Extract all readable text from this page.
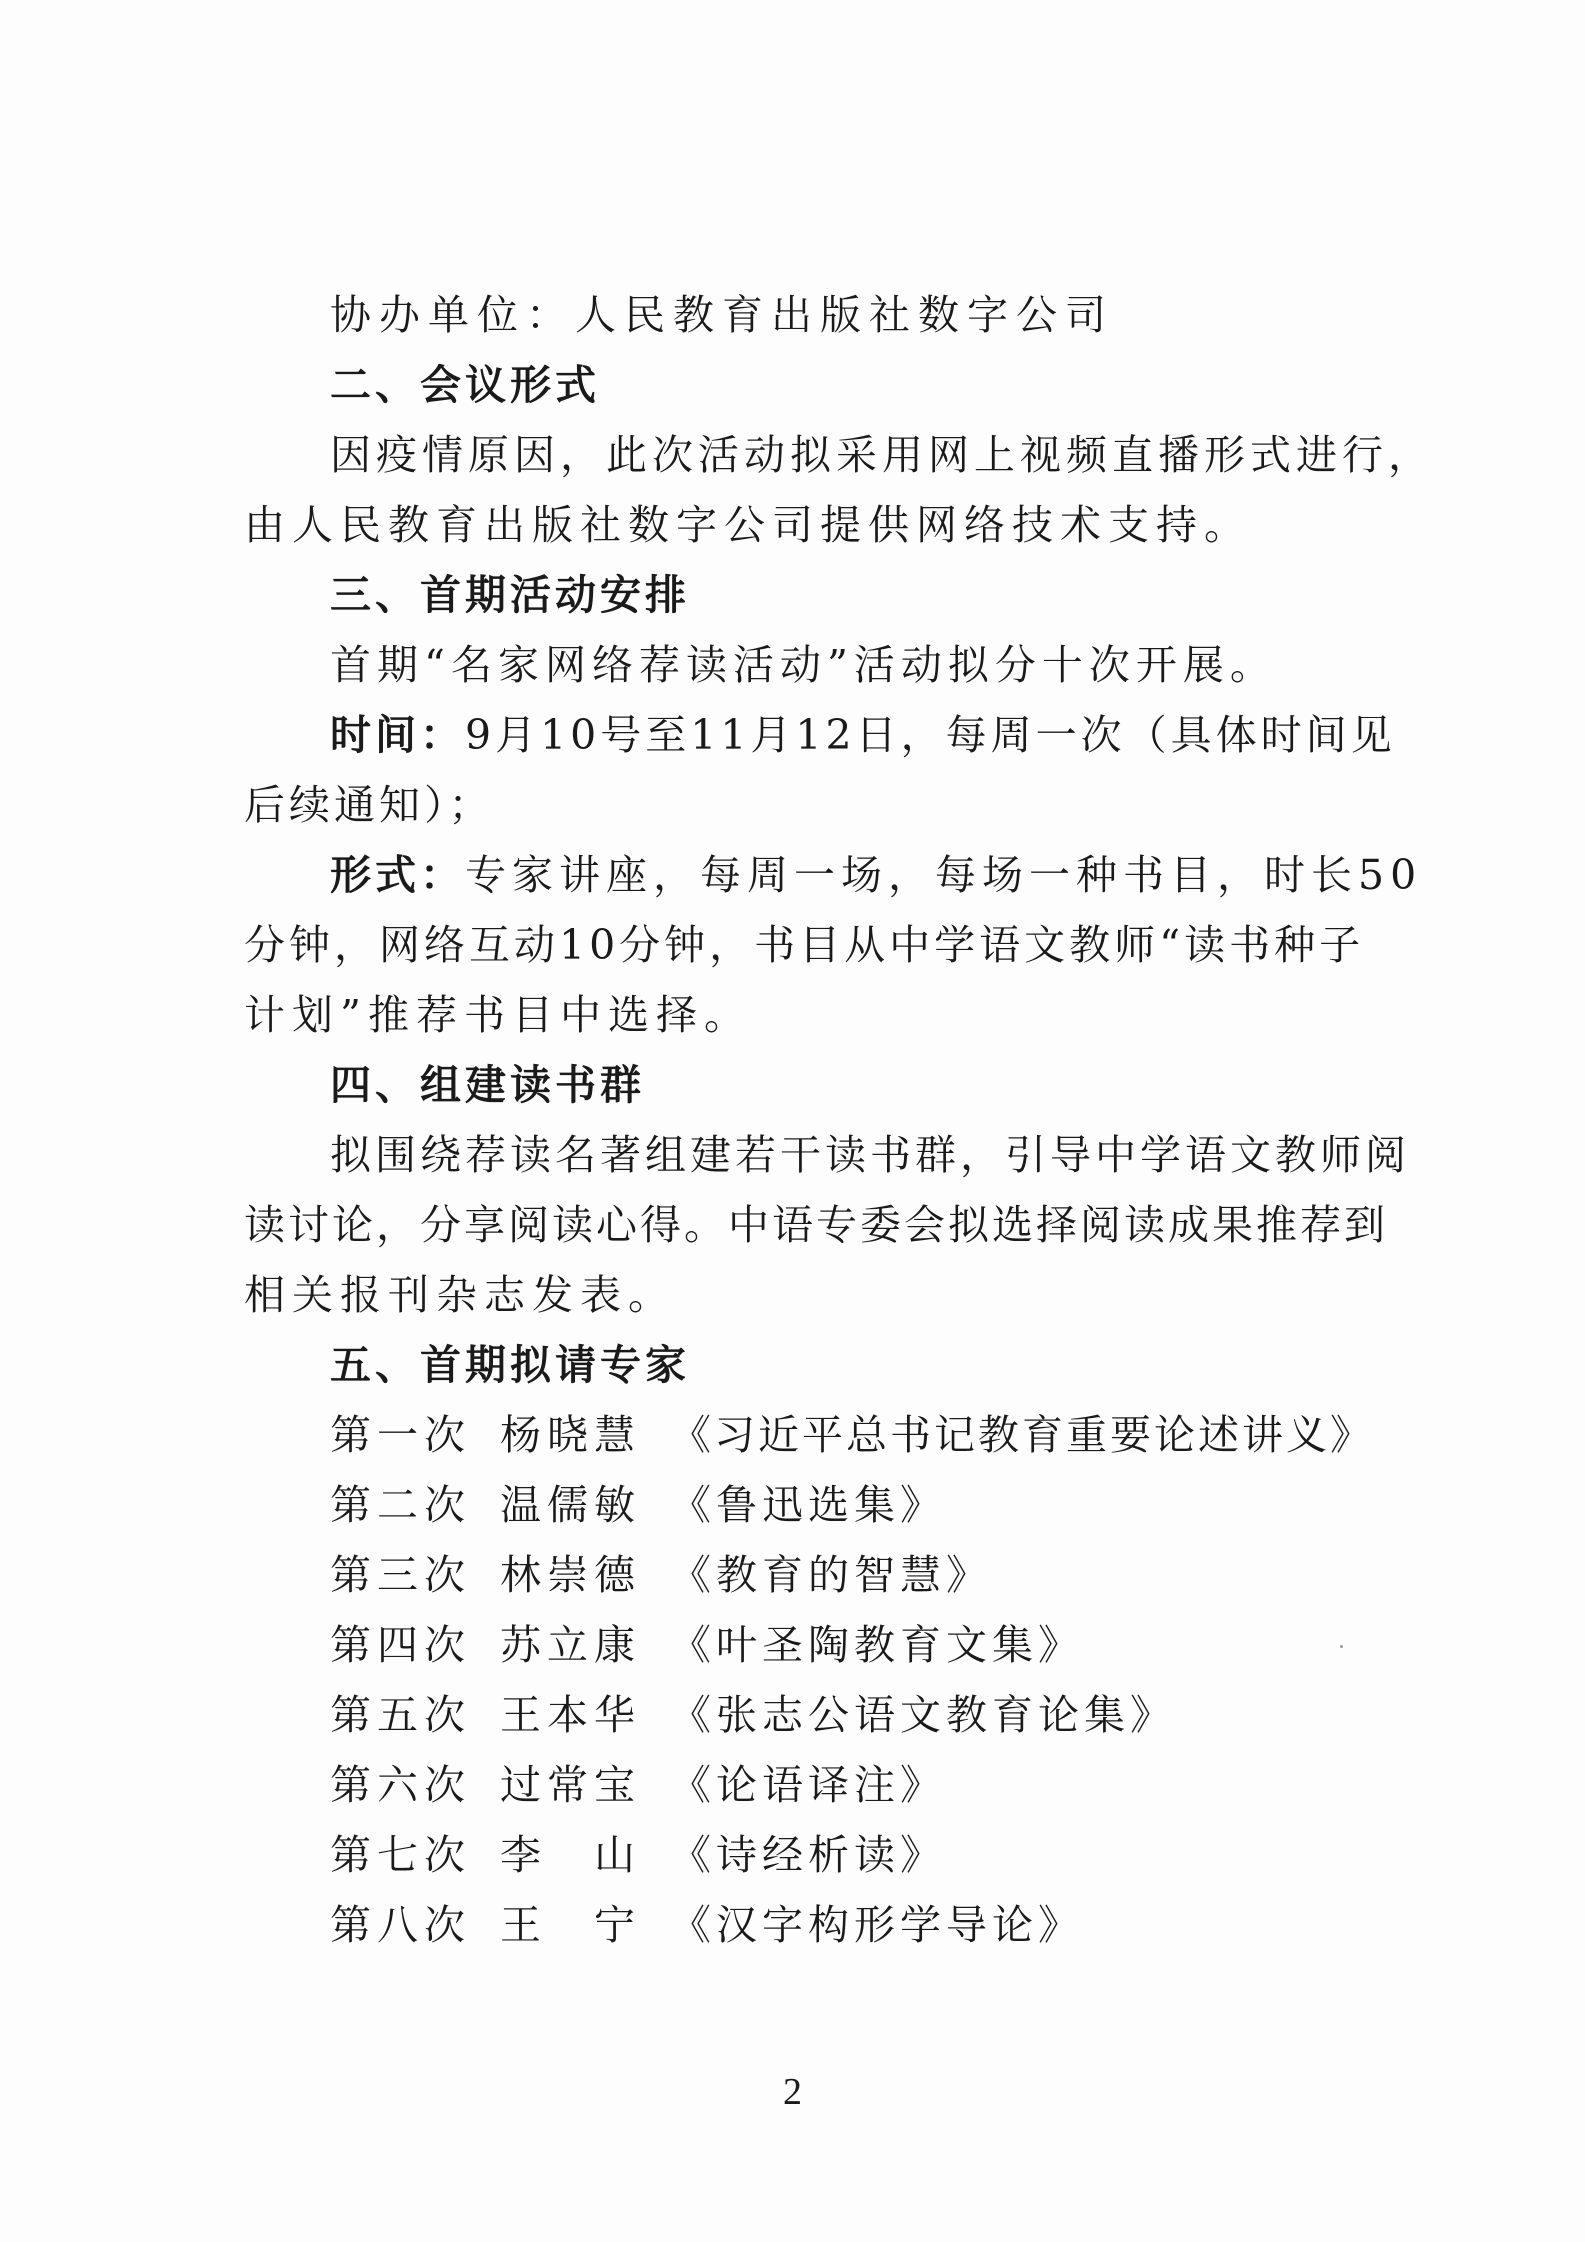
协办单位：人民教育出版社数字公司
二、会议形式
因疫情原因，此次活动拟采用网上视频直播形式进行，
由人民教育出版社数字公司提供网络技术支持。
三、首期活动安排
首期“名家网络荐读活动”活动拟分十次开展。
时间：9月10号至11月12日，每周一次（具体时间见
后续通知）；
形式：专家讲座，每周一场，每场一种书目，时长50
分钟，网络互动10分钟，书目从中学语文教师“读书种子
计划”推荐书目中选择。
四、组建读书群
拟围绕荐读名著组建若干读书群，引导中学语文教师阅
读讨论，分享阅读心得。中语专委会拟选择阅读成果推荐到
相关报刊杂志发表。
五、首期拟请专家
第一次 杨晓慧 《习近平总书记教育重要论述讲义》
第二次 温儒敏 《鲁迅选集》
第三次 林崇德 《教育的智慧》
第四次 苏立康 《叶圣陶教育文集》
第五次 王本华 《张志公语文教育论集》
第六次 过常宝 《论语译注》
第七次 李　山 《诗经析读》
第八次 王　宁 《汉字构形学导论》
2
